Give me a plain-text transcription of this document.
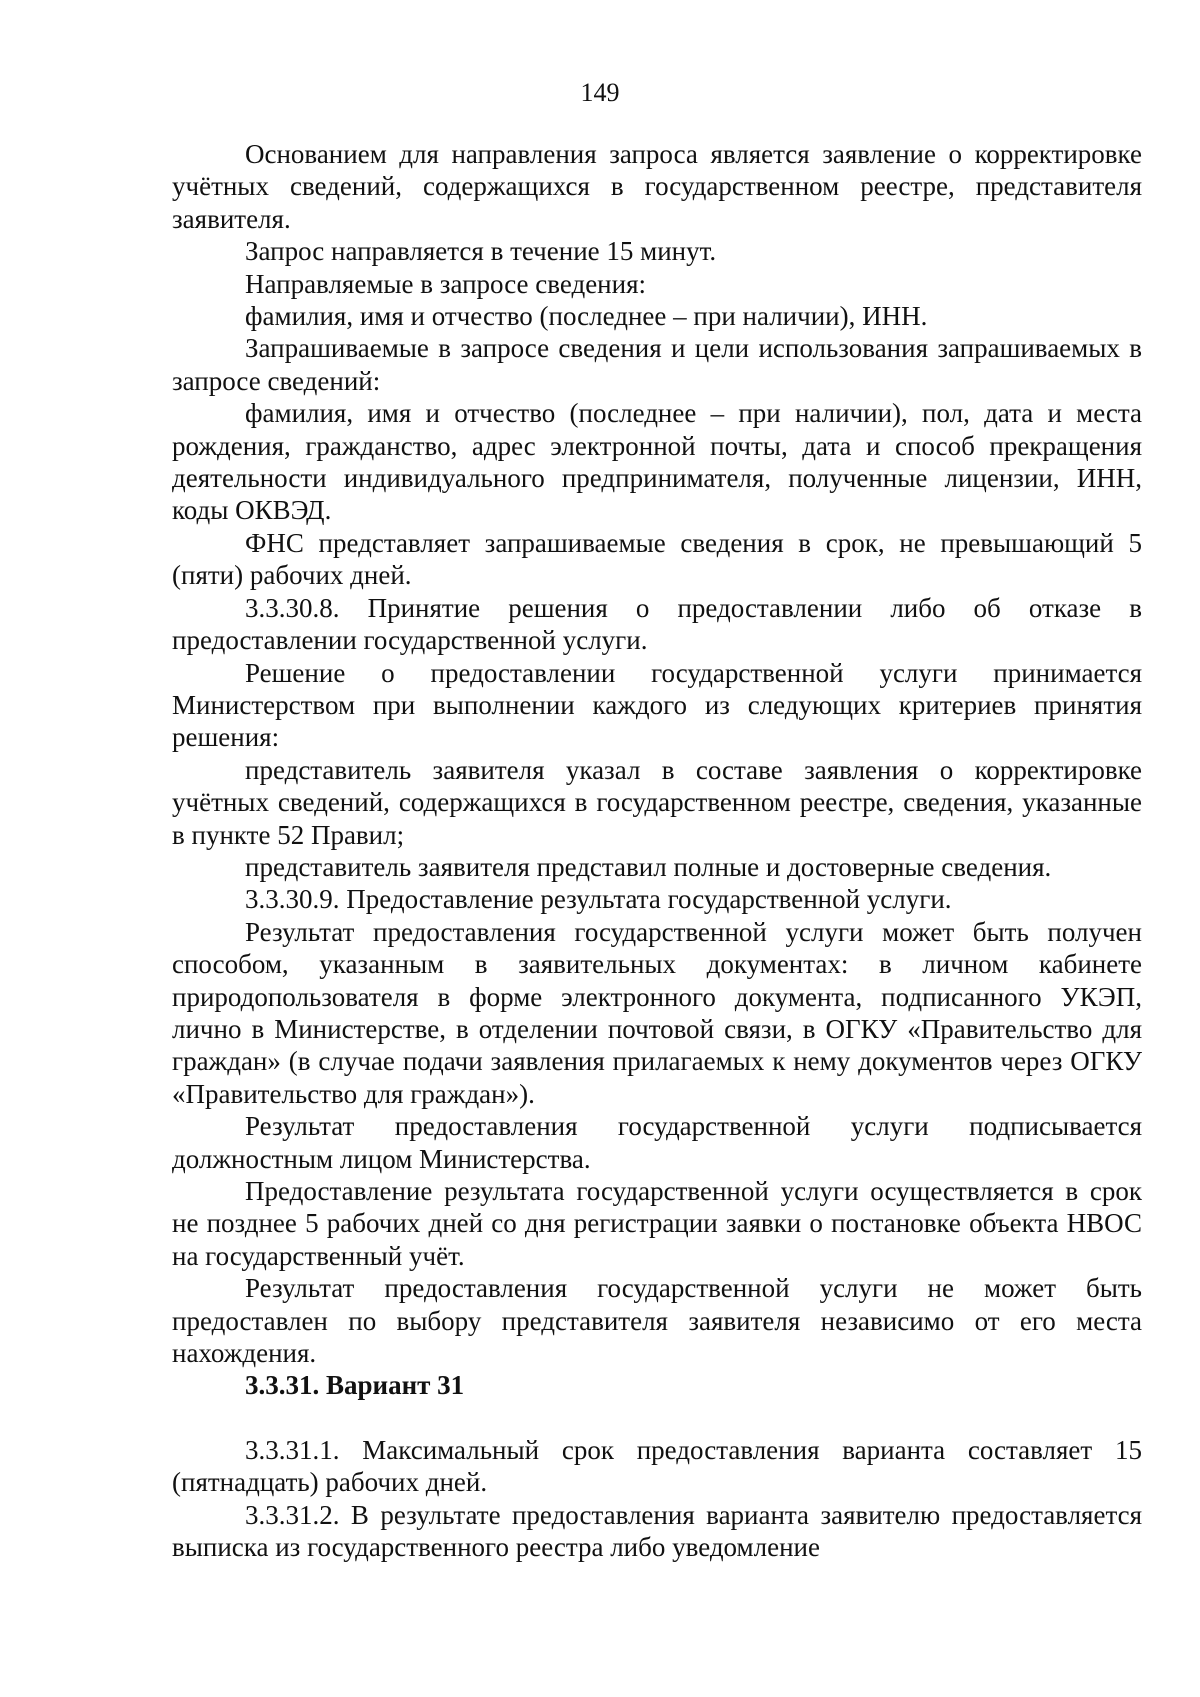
149

Основанием для направления запроса является заявление о корректировке учётных сведений, содержащихся в государственном реестре, представителя заявителя.

Запрос направляется в течение 15 минут.

Направляемые в запросе сведения:

фамилия, имя и отчество (последнее – при наличии), ИНН.

Запрашиваемые в запросе сведения и цели использования запрашиваемых в запросе сведений:

фамилия, имя и отчество (последнее – при наличии), пол, дата и места рождения, гражданство, адрес электронной почты, дата и способ прекращения деятельности индивидуального предпринимателя, полученные лицензии, ИНН, коды ОКВЭД.

ФНС представляет запрашиваемые сведения в срок, не превышающий 5 (пяти) рабочих дней.

3.3.30.8. Принятие решения о предоставлении либо об отказе в предоставлении государственной услуги.

Решение о предоставлении государственной услуги принимается Министерством при выполнении каждого из следующих критериев принятия решения:

представитель заявителя указал в составе заявления о корректировке учётных сведений, содержащихся в государственном реестре, сведения, указанные в пункте 52 Правил;

представитель заявителя представил полные и достоверные сведения.

3.3.30.9. Предоставление результата государственной услуги.

Результат предоставления государственной услуги может быть получен способом, указанным в заявительных документах: в личном кабинете природопользователя в форме электронного документа, подписанного УКЭП, лично в Министерстве, в отделении почтовой связи, в ОГКУ «Правительство для граждан» (в случае подачи заявления прилагаемых к нему документов через ОГКУ «Правительство для граждан»).

Результат предоставления государственной услуги подписывается должностным лицом Министерства.

Предоставление результата государственной услуги осуществляется в срок не позднее 5 рабочих дней со дня регистрации заявки о постановке объекта НВОС на государственный учёт.

Результат предоставления государственной услуги не может быть предоставлен по выбору представителя заявителя независимо от его места нахождения.

3.3.31. Вариант 31

3.3.31.1. Максимальный срок предоставления варианта составляет 15 (пятнадцать) рабочих дней.

3.3.31.2. В результате предоставления варианта заявителю предоставляется выписка из государственного реестра либо уведомление
